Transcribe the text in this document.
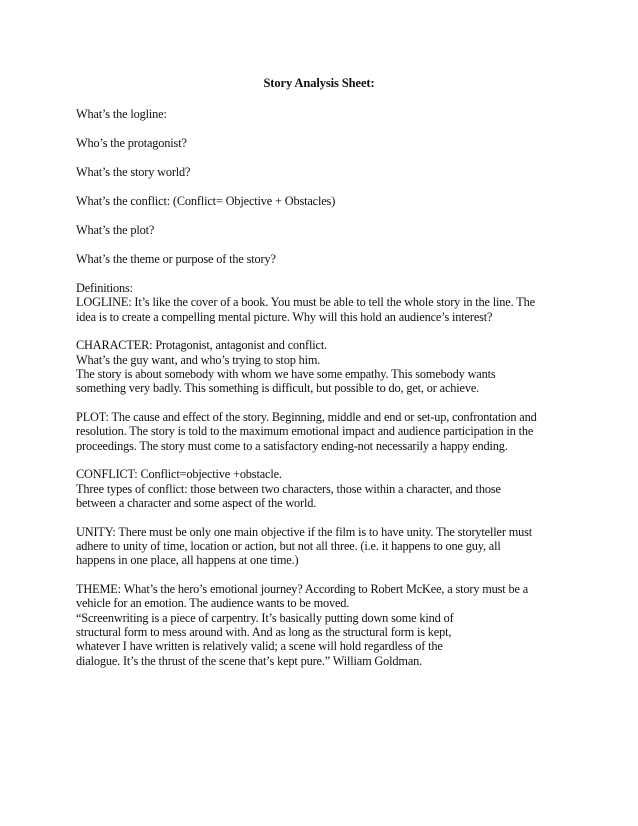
Story Analysis Sheet:

What’s the logline:

Who’s the protagonist?

What’s the story world?

What’s the conflict: (Conflict= Objective + Obstacles)

What’s the plot?

What’s the theme or purpose of the story?

Definitions:

LOGLINE: It’s like the cover of a book. You must be able to tell the whole story in the line. The
idea is to create a compelling mental picture. Why will this hold an audience’s interest?

CHARACTER: Protagonist, antagonist and conflict.
What’s the guy want, and who’s trying to stop him.
The story is about somebody with whom we have some empathy. This somebody wants
something very badly. This something is difficult, but possible to do, get, or achieve.

PLOT: The cause and effect of the story. Beginning, middle and end or set-up, confrontation and
resolution. The story is told to the maximum emotional impact and audience participation in the
proceedings. The story must come to a satisfactory ending-not necessarily a happy ending.

CONFLICT: Conflict=objective +obstacle.
Three types of conflict: those between two characters, those within a character, and those
between a character and some aspect of the world.

UNITY: There must be only one main objective if the film is to have unity. The storyteller must
adhere to unity of time, location or action, but not all three. (i.e. it happens to one guy, all
happens in one place, all happens at one time.)

THEME: What’s the hero’s emotional journey? According to Robert McKee, a story must be a
vehicle for an emotion. The audience wants to be moved.

“Screenwriting is a piece of carpentry. It’s basically putting down some kind of
structural form to mess around with. And as long as the structural form is kept,
whatever I have written is relatively valid; a scene will hold regardless of the
dialogue. It’s the thrust of the scene that’s kept pure.” William Goldman.
